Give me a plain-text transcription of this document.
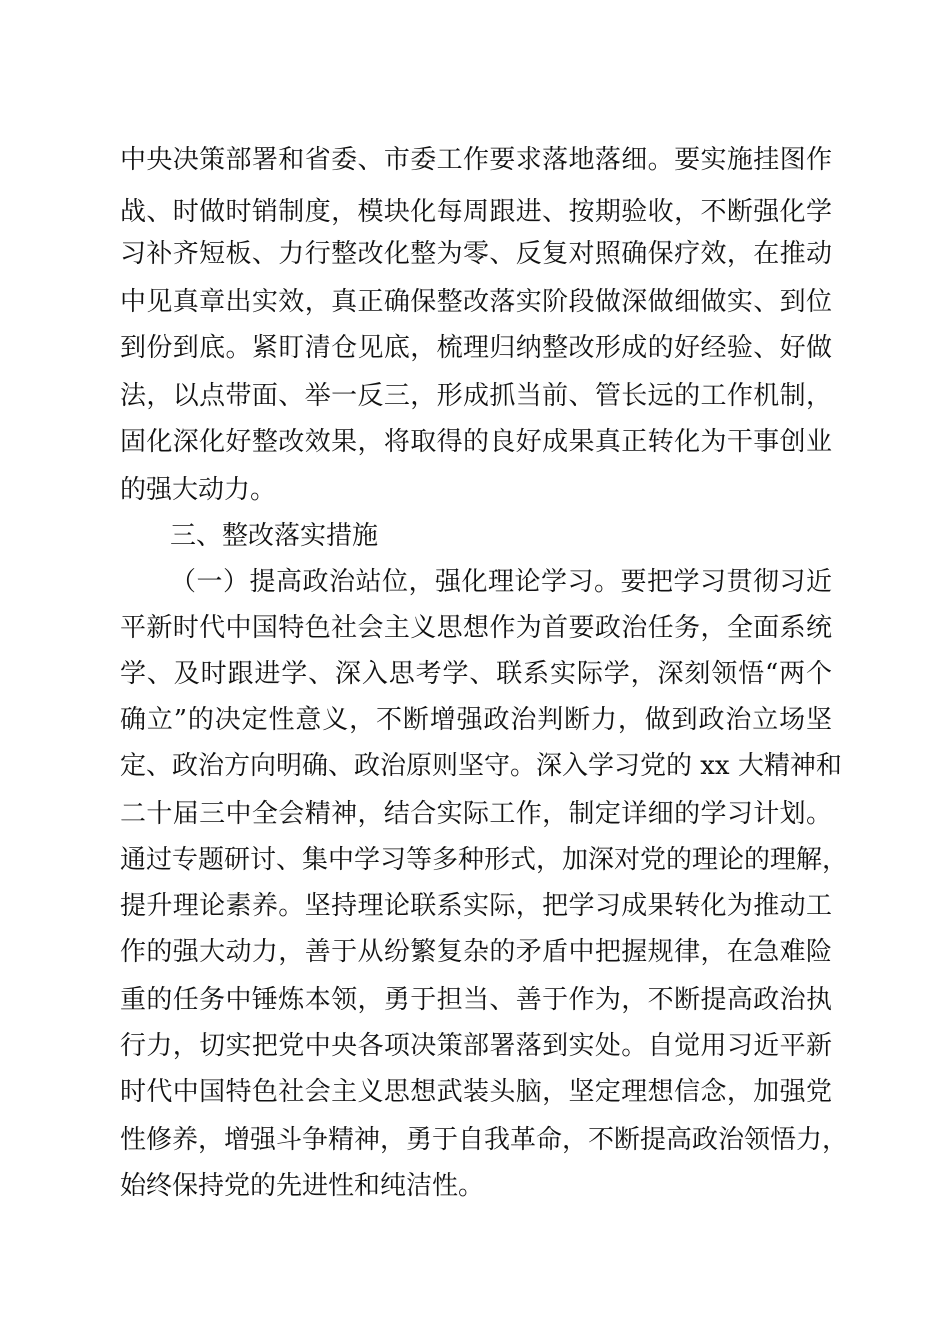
中央决策部署和省委、市委工作要求落地落细。要实施挂图作

战、时做时销制度，模块化每周跟进、按期验收，不断强化学

习补齐短板、力行整改化整为零、反复对照确保疗效，在推动

中见真章出实效，真正确保整改落实阶段做深做细做实、到位

到份到底。紧盯清仓见底，梳理归纳整改形成的好经验、好做

法，以点带面、举一反三，形成抓当前、管长远的工作机制，

固化深化好整改效果，将取得的良好成果真正转化为干事创业

的强大动力。

三、整改落实措施

（一）提高政治站位，强化理论学习。要把学习贯彻习近

平新时代中国特色社会主义思想作为首要政治任务，全面系统

学、及时跟进学、深入思考学、联系实际学，深刻领悟“两个

确立”的决定性意义，不断增强政治判断力，做到政治立场坚

定、政治方向明确、政治原则坚守。深入学习党的 xx 大精神和

二十届三中全会精神，结合实际工作，制定详细的学习计划。

通过专题研讨、集中学习等多种形式，加深对党的理论的理解，

提升理论素养。坚持理论联系实际，把学习成果转化为推动工

作的强大动力，善于从纷繁复杂的矛盾中把握规律，在急难险

重的任务中锤炼本领，勇于担当、善于作为，不断提高政治执

行力，切实把党中央各项决策部署落到实处。自觉用习近平新

时代中国特色社会主义思想武装头脑，坚定理想信念，加强党

性修养，增强斗争精神，勇于自我革命，不断提高政治领悟力，

始终保持党的先进性和纯洁性。
